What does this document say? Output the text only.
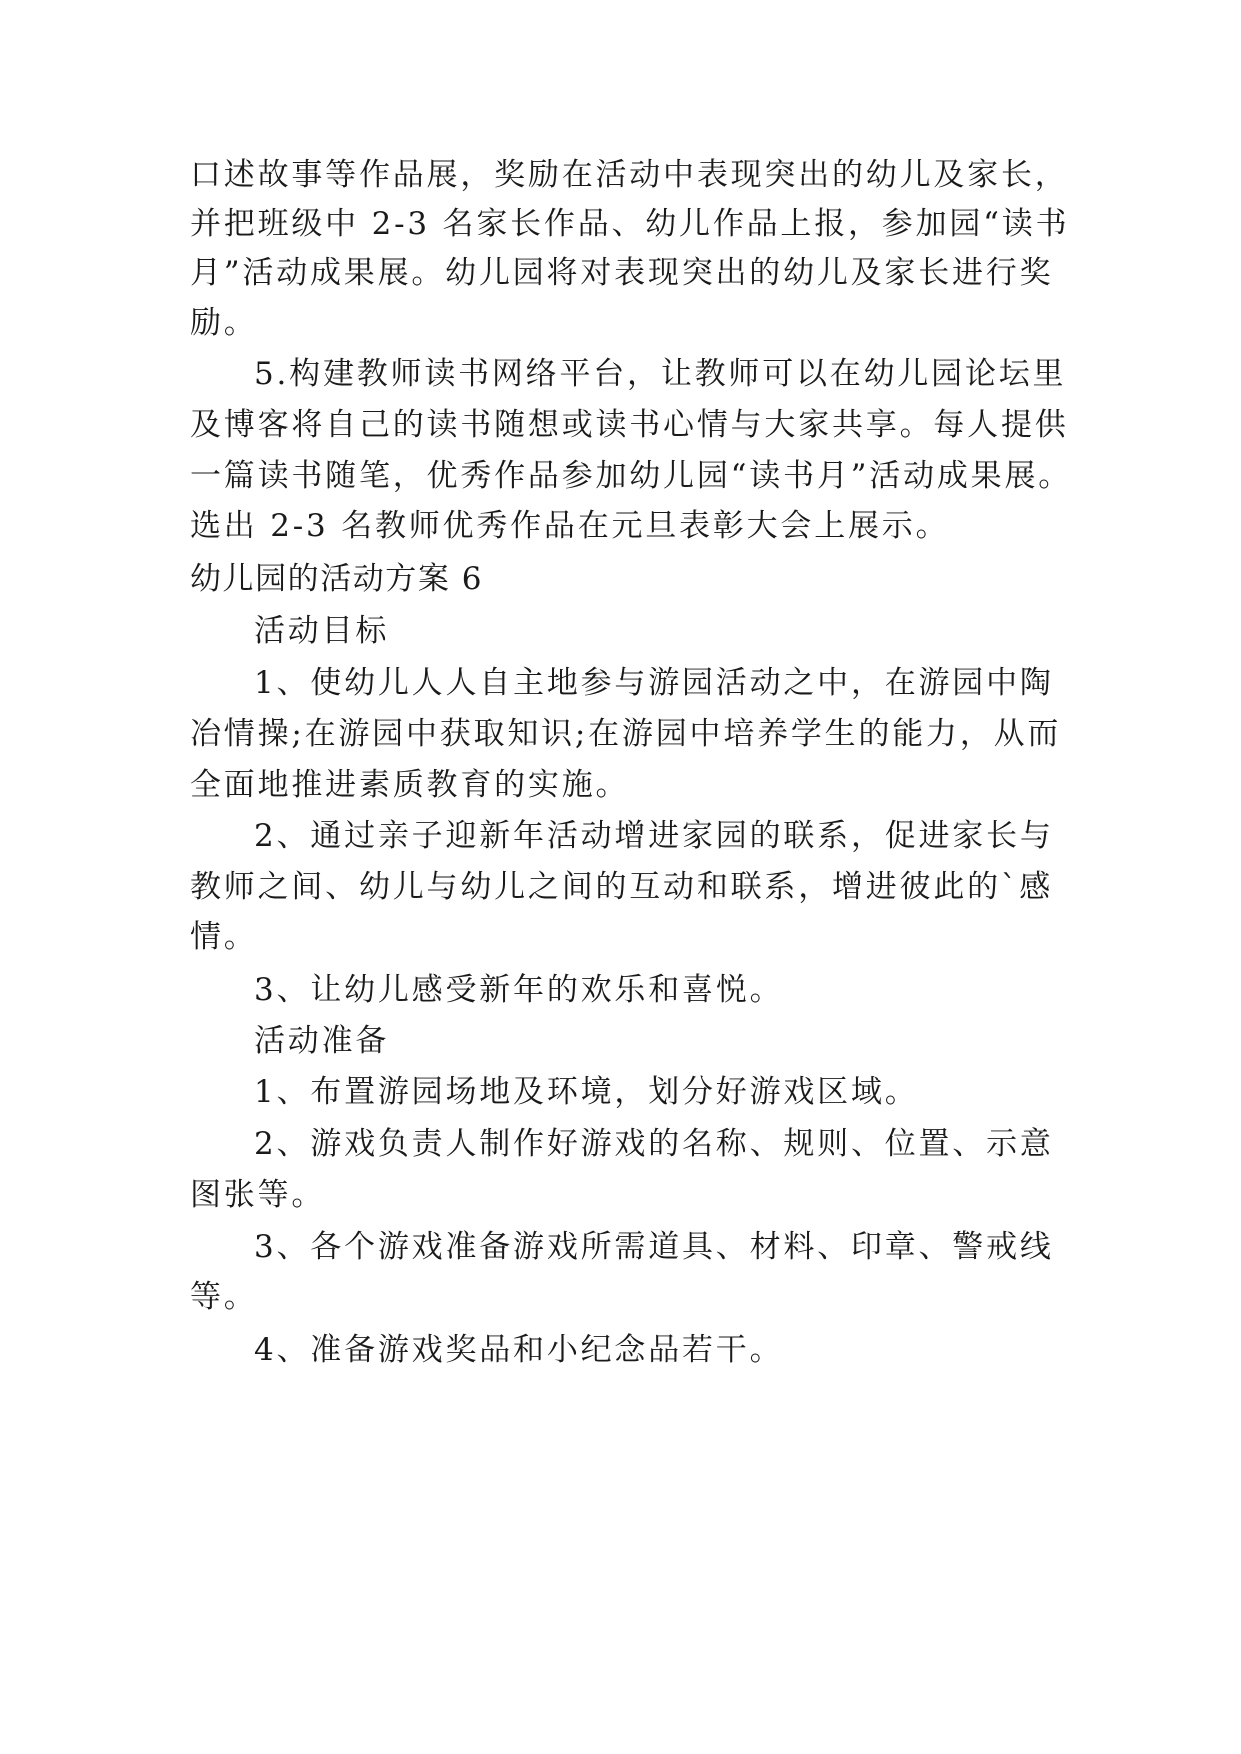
口述故事等作品展，奖励在活动中表现突出的幼儿及家长，
并把班级中 2-3 名家长作品、幼儿作品上报，参加园“读书
月”活动成果展。幼儿园将对表现突出的幼儿及家长进行奖
励。
5.构建教师读书网络平台，让教师可以在幼儿园论坛里
及博客将自己的读书随想或读书心情与大家共享。每人提供
一篇读书随笔，优秀作品参加幼儿园“读书月”活动成果展。
选出 2-3 名教师优秀作品在元旦表彰大会上展示。
幼儿园的活动方案 6
活动目标
1、使幼儿人人自主地参与游园活动之中，在游园中陶
冶情操;在游园中获取知识;在游园中培养学生的能力，从而
全面地推进素质教育的实施。
2、通过亲子迎新年活动增进家园的联系，促进家长与
教师之间、幼儿与幼儿之间的互动和联系，增进彼此的`感
情。
3、让幼儿感受新年的欢乐和喜悦。
活动准备
1、布置游园场地及环境，划分好游戏区域。
2、游戏负责人制作好游戏的名称、规则、位置、示意
图张等。
3、各个游戏准备游戏所需道具、材料、印章、警戒线
等。
4、准备游戏奖品和小纪念品若干。
